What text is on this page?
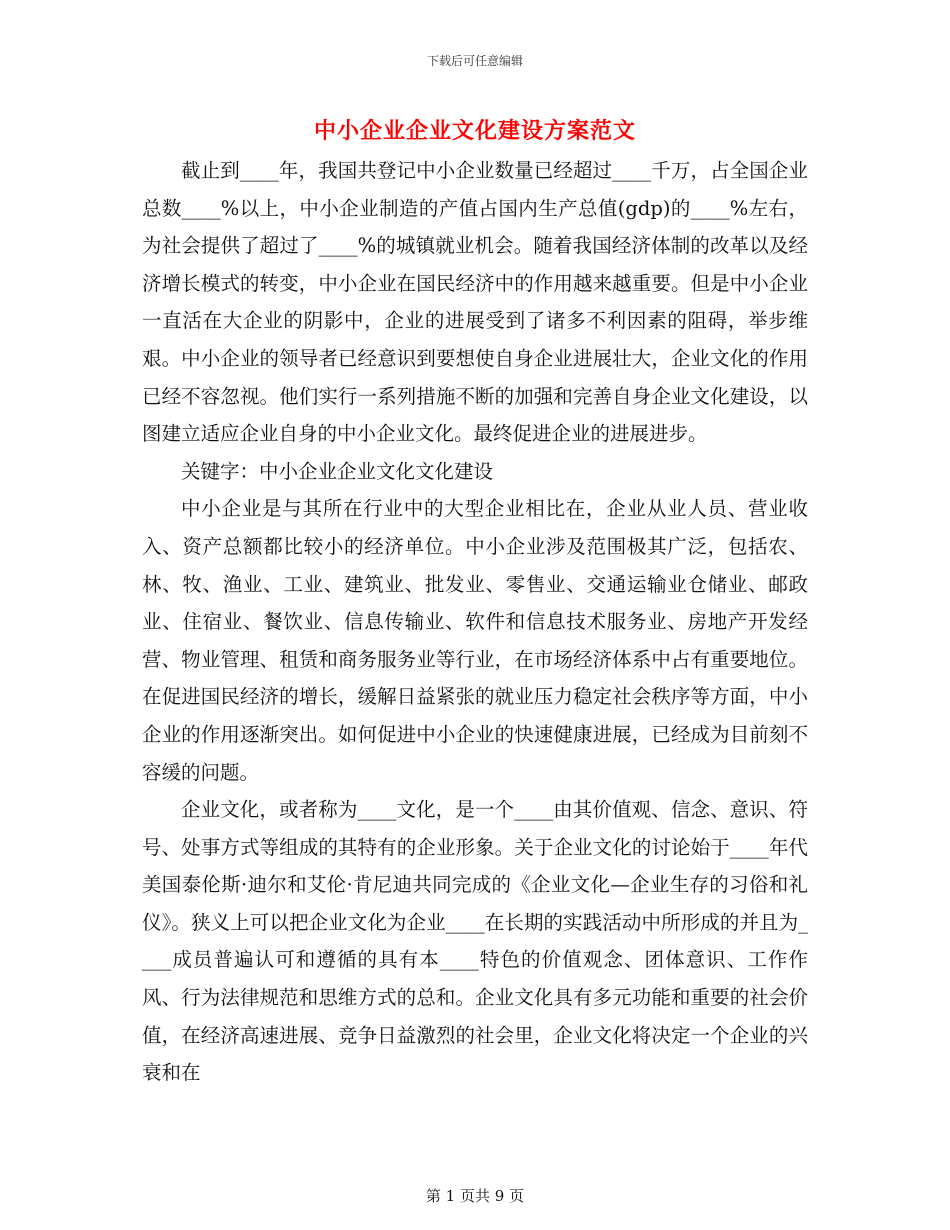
下载后可任意编辑
中小企业企业文化建设方案范文

截止到____年，我国共登记中小企业数量已经超过____千万，占全国企业总数____%以上，中小企业制造的产值占国内生产总值(gdp)的____%左右，为社会提供了超过了____%的城镇就业机会。随着我国经济体制的改革以及经济增长模式的转变，中小企业在国民经济中的作用越来越重要。但是中小企业一直活在大企业的阴影中，企业的进展受到了诸多不利因素的阻碍，举步维艰。中小企业的领导者已经意识到要想使自身企业进展壮大，企业文化的作用已经不容忽视。他们实行一系列措施不断的加强和完善自身企业文化建设，以图建立适应企业自身的中小企业文化。最终促进企业的进展进步。

关键字：中小企业企业文化文化建设

中小企业是与其所在行业中的大型企业相比在，企业从业人员、营业收入、资产总额都比较小的经济单位。中小企业涉及范围极其广泛，包括农、林、牧、渔业、工业、建筑业、批发业、零售业、交通运输业仓储业、邮政业、住宿业、餐饮业、信息传输业、软件和信息技术服务业、房地产开发经营、物业管理、租赁和商务服务业等行业，在市场经济体系中占有重要地位。在促进国民经济的增长，缓解日益紧张的就业压力稳定社会秩序等方面，中小企业的作用逐渐突出。如何促进中小企业的快速健康进展，已经成为目前刻不容缓的问题。

企业文化，或者称为____文化，是一个____由其价值观、信念、意识、符号、处事方式等组成的其特有的企业形象。关于企业文化的讨论始于____年代美国泰伦斯·迪尔和艾伦·肯尼迪共同完成的《企业文化—企业生存的习俗和礼仪》。狭义上可以把企业文化为企业____在长期的实践活动中所形成的并且为____成员普遍认可和遵循的具有本____特色的价值观念、团体意识、工作作风、行为法律规范和思维方式的总和。企业文化具有多元功能和重要的社会价值，在经济高速进展、竞争日益激烈的社会里，企业文化将决定一个企业的兴衰和在

第 1 页共 9 页
